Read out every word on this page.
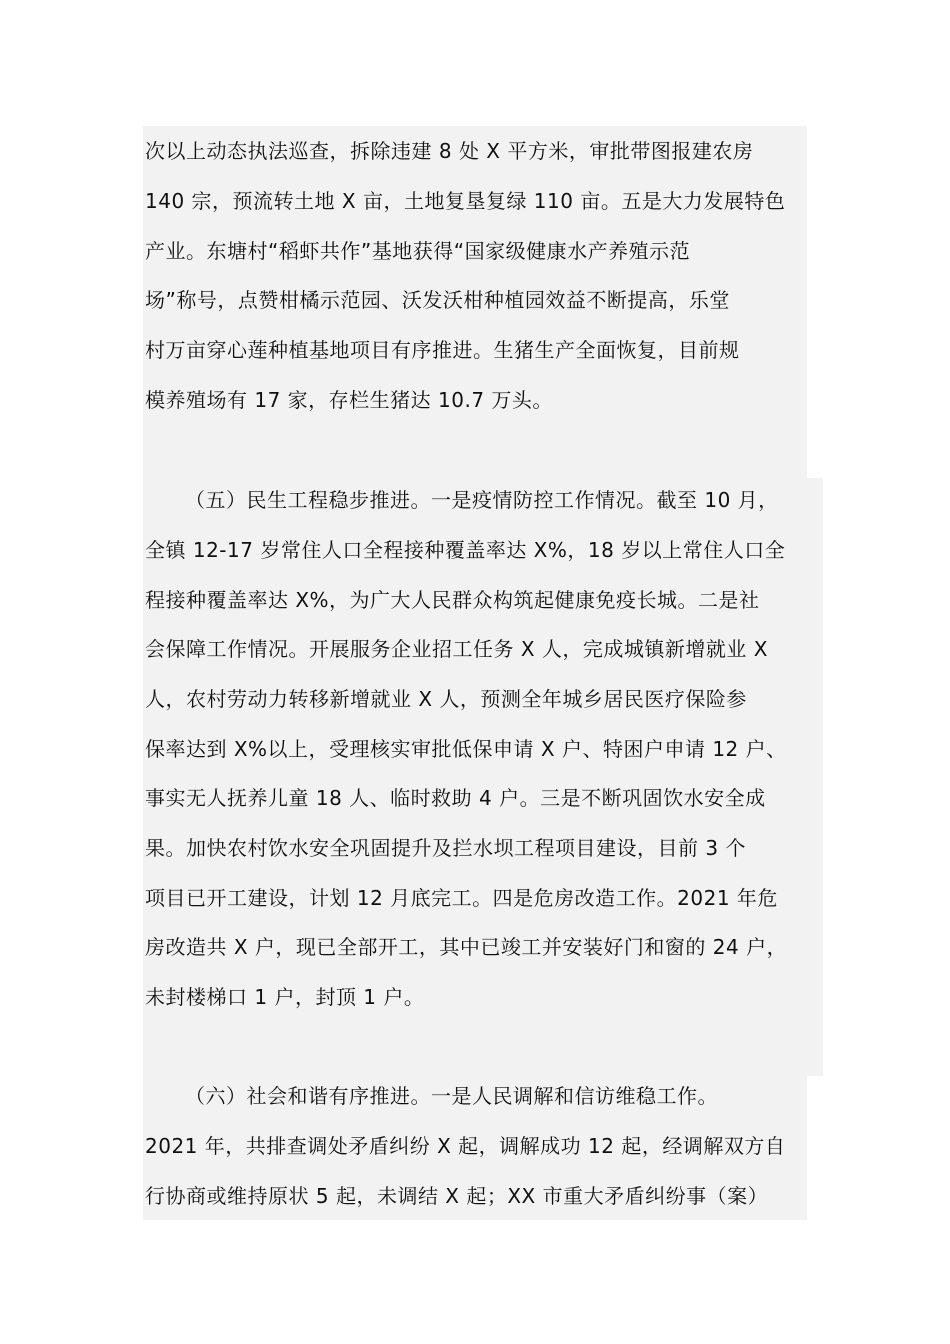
次以上动态执法巡查，拆除违建 8 处 X 平方米，审批带图报建农房
140 宗，预流转土地 X 亩，土地复垦复绿 110 亩。五是大力发展特色
产业。东塘村“稻虾共作”基地获得“国家级健康水产养殖示范
场”称号，点赞柑橘示范园、沃发沃柑种植园效益不断提高，乐堂
村万亩穿心莲种植基地项目有序推进。生猪生产全面恢复，目前规
模养殖场有 17 家，存栏生猪达 10.7 万头。
（五）民生工程稳步推进。一是疫情防控工作情况。截至 10 月，
全镇 12-17 岁常住人口全程接种覆盖率达 X%，18 岁以上常住人口全
程接种覆盖率达 X%，为广大人民群众构筑起健康免疫长城。二是社
会保障工作情况。开展服务企业招工任务 X 人，完成城镇新增就业 X
人，农村劳动力转移新增就业 X 人，预测全年城乡居民医疗保险参
保率达到 X%以上，受理核实审批低保申请 X 户、特困户申请 12 户、
事实无人抚养儿童 18 人、临时救助 4 户。三是不断巩固饮水安全成
果。加快农村饮水安全巩固提升及拦水坝工程项目建设，目前 3 个
项目已开工建设，计划 12 月底完工。四是危房改造工作。2021 年危
房改造共 X 户，现已全部开工，其中已竣工并安装好门和窗的 24 户，
未封楼梯口 1 户，封顶 1 户。
（六）社会和谐有序推进。一是人民调解和信访维稳工作。
2021 年，共排查调处矛盾纠纷 X 起，调解成功 12 起，经调解双方自
行协商或维持原状 5 起，未调结 X 起；XX 市重大矛盾纠纷事（案）
